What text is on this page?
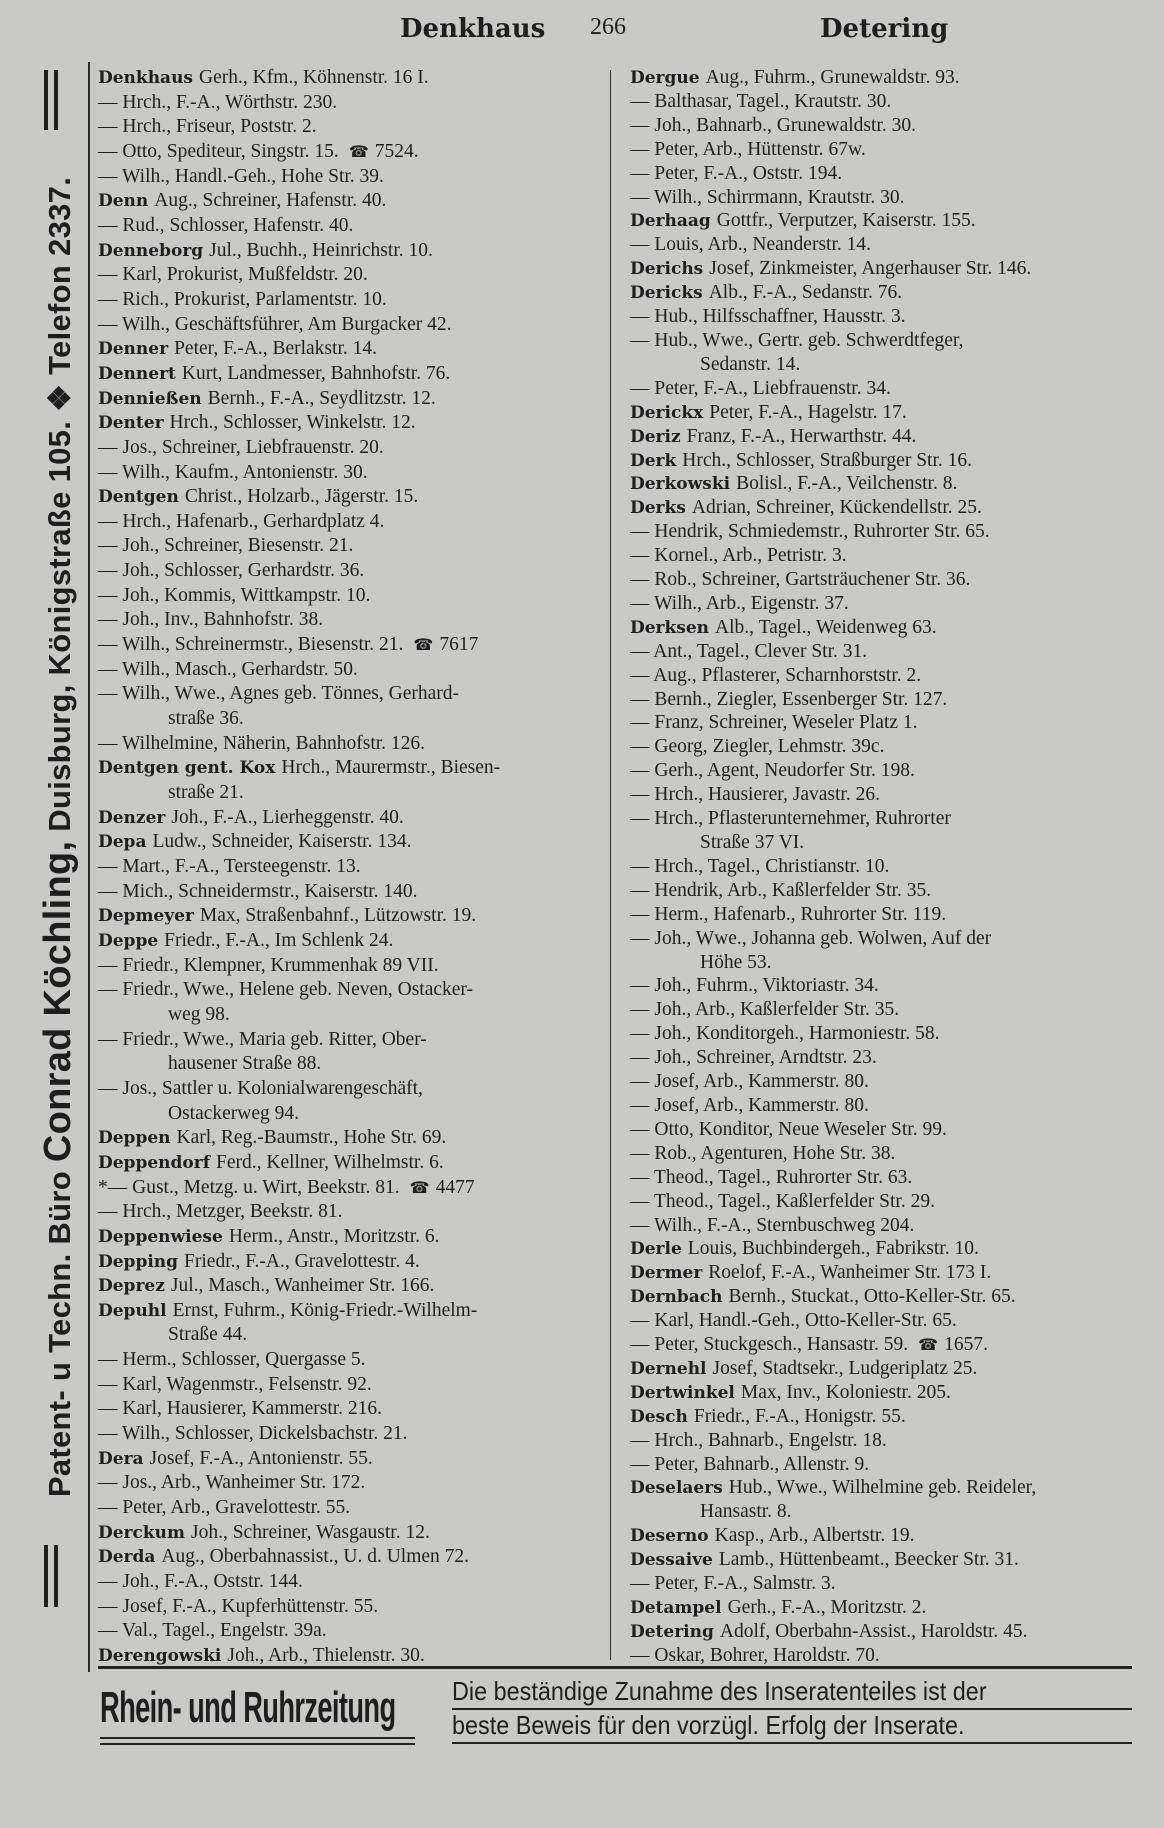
Denkhaus 266	Detering
Patent- u Techn. Büro Conrad Köchling, Duisburg, Königstraße 105. ❖ Telefon 2337.
Denkhaus Gerh., Kfm., Köhnenstr. 16 I.
— Hrch., F.-A., Wörthstr. 230.
— Hrch., Friseur, Poststr. 2.
— Otto, Spediteur, Singstr. 15. ☎ 7524.
— Wilh., Handl.-Geh., Hohe Str. 39.
Denn Aug., Schreiner, Hafenstr. 40.
— Rud., Schlosser, Hafenstr. 40.
Denneborg Jul., Buchh., Heinrichstr. 10.
— Karl, Prokurist, Mußfeldstr. 20.
— Rich., Prokurist, Parlamentstr. 10.
— Wilh., Geschäftsführer, Am Burgacker 42.
Denner Peter, F.-A., Berlakstr. 14.
Dennert Kurt, Landmesser, Bahnhofstr. 76.
Dennießen Bernh., F.-A., Seydlitzstr. 12.
Denter Hrch., Schlosser, Winkelstr. 12.
— Jos., Schreiner, Liebfrauenstr. 20.
— Wilh., Kaufm., Antonienstr. 30.
Dentgen Christ., Holzarb., Jägerstr. 15.
— Hrch., Hafenarb., Gerhardplatz 4.
— Joh., Schreiner, Biesenstr. 21.
— Joh., Schlosser, Gerhardstr. 36.
— Joh., Kommis, Wittkampstr. 10.
— Joh., Inv., Bahnhofstr. 38.
— Wilh., Schreinermstr., Biesenstr. 21. ☎ 7617
— Wilh., Masch., Gerhardstr. 50.
— Wilh., Wwe., Agnes geb. Tönnes, Gerhard-
straße 36.
— Wilhelmine, Näherin, Bahnhofstr. 126.
Dentgen gent. Kox Hrch., Maurermstr., Biesen-
straße 21.
Denzer Joh., F.-A., Lierheggenstr. 40.
Depa Ludw., Schneider, Kaiserstr. 134.
— Mart., F.-A., Tersteegenstr. 13.
— Mich., Schneidermstr., Kaiserstr. 140.
Depmeyer Max, Straßenbahnf., Lützowstr. 19.
Deppe Friedr., F.-A., Im Schlenk 24.
— Friedr., Klempner, Krummenhak 89 VII.
— Friedr., Wwe., Helene geb. Neven, Ostacker-
weg 98.
— Friedr., Wwe., Maria geb. Ritter, Ober-
hausener Straße 88.
— Jos., Sattler u. Kolonialwarengeschäft,
Ostackerweg 94.
Deppen Karl, Reg.-Baumstr., Hohe Str. 69.
Deppendorf Ferd., Kellner, Wilhelmstr. 6.
*— Gust., Metzg. u. Wirt, Beekstr. 81. ☎ 4477
— Hrch., Metzger, Beekstr. 81.
Deppenwiese Herm., Anstr., Moritzstr. 6.
Depping Friedr., F.-A., Gravelottestr. 4.
Deprez Jul., Masch., Wanheimer Str. 166.
Depuhl Ernst, Fuhrm., König-Friedr.-Wilhelm-
Straße 44.
— Herm., Schlosser, Quergasse 5.
— Karl, Wagenmstr., Felsenstr. 92.
— Karl, Hausierer, Kammerstr. 216.
— Wilh., Schlosser, Dickelsbachstr. 21.
Dera Josef, F.-A., Antonienstr. 55.
— Jos., Arb., Wanheimer Str. 172.
— Peter, Arb., Gravelottestr. 55.
Derckum Joh., Schreiner, Wasgaustr. 12.
Derda Aug., Oberbahnassist., U. d. Ulmen 72.
— Joh., F.-A., Oststr. 144.
— Josef, F.-A., Kupferhüttenstr. 55.
— Val., Tagel., Engelstr. 39a.
Derengowski Joh., Arb., Thielenstr. 30.
Dergue Aug., Fuhrm., Grunewaldstr. 93.
— Balthasar, Tagel., Krautstr. 30.
— Joh., Bahnarb., Grunewaldstr. 30.
— Peter, Arb., Hüttenstr. 67w.
— Peter, F.-A., Oststr. 194.
— Wilh., Schirrmann, Krautstr. 30.
Derhaag Gottfr., Verputzer, Kaiserstr. 155.
— Louis, Arb., Neanderstr. 14.
Derichs Josef, Zinkmeister, Angerhauser Str. 146.
Dericks Alb., F.-A., Sedanstr. 76.
— Hub., Hilfsschaffner, Hausstr. 3.
— Hub., Wwe., Gertr. geb. Schwerdtfeger,
Sedanstr. 14.
— Peter, F.-A., Liebfrauenstr. 34.
Derickx Peter, F.-A., Hagelstr. 17.
Deriz Franz, F.-A., Herwarthstr. 44.
Derk Hrch., Schlosser, Straßburger Str. 16.
Derkowski Bolisl., F.-A., Veilchenstr. 8.
Derks Adrian, Schreiner, Kückendellstr. 25.
— Hendrik, Schmiedemstr., Ruhrorter Str. 65.
— Kornel., Arb., Petristr. 3.
— Rob., Schreiner, Gartsträuchener Str. 36.
— Wilh., Arb., Eigenstr. 37.
Derksen Alb., Tagel., Weidenweg 63.
— Ant., Tagel., Clever Str. 31.
— Aug., Pflasterer, Scharnhorststr. 2.
— Bernh., Ziegler, Essenberger Str. 127.
— Franz, Schreiner, Weseler Platz 1.
— Georg, Ziegler, Lehmstr. 39c.
— Gerh., Agent, Neudorfer Str. 198.
— Hrch., Hausierer, Javastr. 26.
— Hrch., Pflasterunternehmer, Ruhrorter
Straße 37 VI.
— Hrch., Tagel., Christianstr. 10.
— Hendrik, Arb., Kaßlerfelder Str. 35.
— Herm., Hafenarb., Ruhrorter Str. 119.
— Joh., Wwe., Johanna geb. Wolwen, Auf der
Höhe 53.
— Joh., Fuhrm., Viktoriastr. 34.
— Joh., Arb., Kaßlerfelder Str. 35.
— Joh., Konditorgeh., Harmoniestr. 58.
— Joh., Schreiner, Arndtstr. 23.
— Josef, Arb., Kammerstr. 80.
— Josef, Arb., Kammerstr. 80.
— Otto, Konditor, Neue Weseler Str. 99.
— Rob., Agenturen, Hohe Str. 38.
— Theod., Tagel., Ruhrorter Str. 63.
— Theod., Tagel., Kaßlerfelder Str. 29.
— Wilh., F.-A., Sternbuschweg 204.
Derle Louis, Buchbindergeh., Fabrikstr. 10.
Dermer Roelof, F.-A., Wanheimer Str. 173 I.
Dernbach Bernh., Stuckat., Otto-Keller-Str. 65.
— Karl, Handl.-Geh., Otto-Keller-Str. 65.
— Peter, Stuckgesch., Hansastr. 59. ☎ 1657.
Dernehl Josef, Stadtsekr., Ludgeriplatz 25.
Dertwinkel Max, Inv., Koloniestr. 205.
Desch Friedr., F.-A., Honigstr. 55.
— Hrch., Bahnarb., Engelstr. 18.
— Peter, Bahnarb., Allenstr. 9.
Deselaers Hub., Wwe., Wilhelmine geb. Reideler,
Hansastr. 8.
Deserno Kasp., Arb., Albertstr. 19.
Dessaive Lamb., Hüttenbeamt., Beecker Str. 31.
— Peter, F.-A., Salmstr. 3.
Detampel Gerh., F.-A., Moritzstr. 2.
Detering Adolf, Oberbahn-Assist., Haroldstr. 45.
— Oskar, Bohrer, Haroldstr. 70.
Rhein- und Ruhrzeitung	Die beständige Zunahme des Inseratenteiles ist der
beste Beweis für den vorzügl. Erfolg der Inserate.
